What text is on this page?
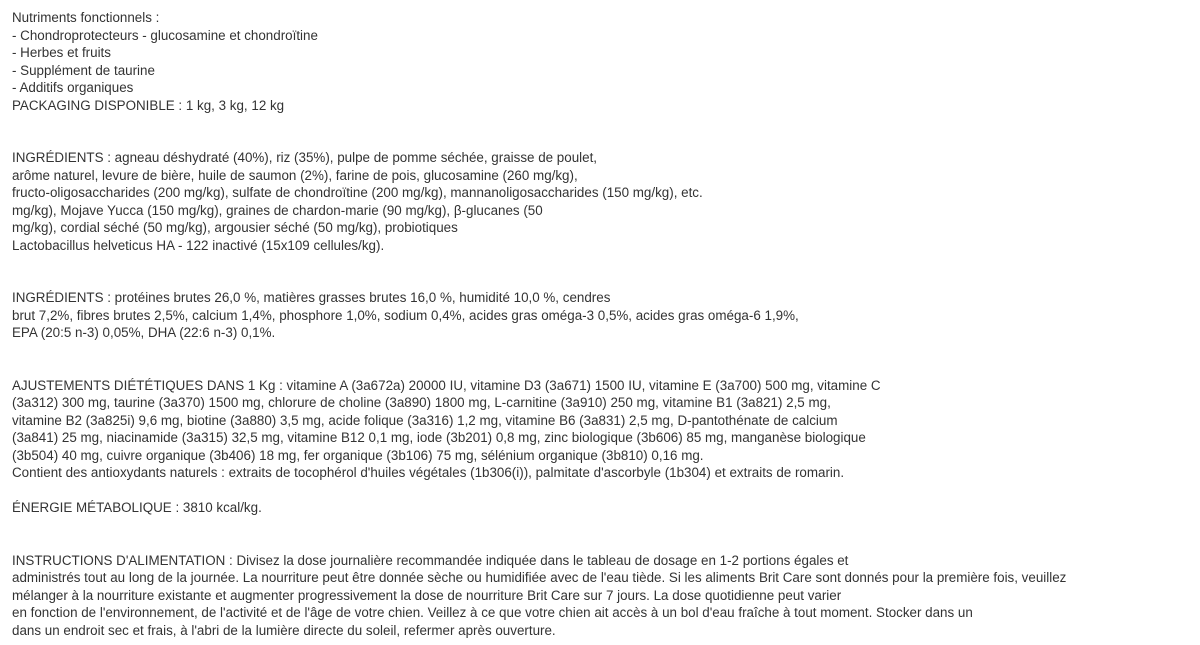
Nutriments fonctionnels :
- Chondroprotecteurs - glucosamine et chondroïtine
- Herbes et fruits
- Supplément de taurine
- Additifs organiques
PACKAGING DISPONIBLE : 1 kg, 3 kg, 12 kg
INGRÉDIENTS : agneau déshydraté (40%), riz (35%), pulpe de pomme séchée, graisse de poulet,
arôme naturel, levure de bière, huile de saumon (2%), farine de pois, glucosamine (260 mg/kg),
fructo-oligosaccharides (200 mg/kg), sulfate de chondroïtine (200 mg/kg), mannanoligosaccharides (150 mg/kg), etc.
mg/kg), Mojave Yucca (150 mg/kg), graines de chardon-marie (90 mg/kg), β-glucanes (50
mg/kg), cordial séché (50 mg/kg), argousier séché (50 mg/kg), probiotiques
Lactobacillus helveticus HA - 122 inactivé (15x109 cellules/kg).
INGRÉDIENTS : protéines brutes 26,0 %, matières grasses brutes 16,0 %, humidité 10,0 %, cendres
brut 7,2%, fibres brutes 2,5%, calcium 1,4%, phosphore 1,0%, sodium 0,4%, acides gras oméga-3 0,5%, acides gras oméga-6 1,9%,
EPA (20:5 n-3) 0,05%, DHA (22:6 n-3) 0,1%.
AJUSTEMENTS DIÉTÉTIQUES DANS 1 Kg : vitamine A (3a672a) 20000 IU, vitamine D3 (3a671) 1500 IU, vitamine E (3a700) 500 mg, vitamine C
(3a312) 300 mg, taurine (3a370) 1500 mg, chlorure de choline (3a890) 1800 mg, L-carnitine (3a910) 250 mg, vitamine B1 (3a821) 2,5 mg,
vitamine B2 (3a825i) 9,6 mg, biotine (3a880) 3,5 mg, acide folique (3a316) 1,2 mg, vitamine B6 (3a831) 2,5 mg, D-pantothénate de calcium
(3a841) 25 mg, niacinamide (3a315) 32,5 mg, vitamine B12 0,1 mg, iode (3b201) 0,8 mg, zinc biologique (3b606) 85 mg, manganèse biologique
(3b504) 40 mg, cuivre organique (3b406) 18 mg, fer organique (3b106) 75 mg, sélénium organique (3b810) 0,16 mg.
Contient des antioxydants naturels : extraits de tocophérol d'huiles végétales (1b306(i)), palmitate d'ascorbyle (1b304) et extraits de romarin.
ÉNERGIE MÉTABOLIQUE : 3810 kcal/kg.
INSTRUCTIONS D'ALIMENTATION : Divisez la dose journalière recommandée indiquée dans le tableau de dosage en 1-2 portions égales et
administrés tout au long de la journée. La nourriture peut être donnée sèche ou humidifiée avec de l'eau tiède. Si les aliments Brit Care sont donnés pour la première fois, veuillez
mélanger à la nourriture existante et augmenter progressivement la dose de nourriture Brit Care sur 7 jours. La dose quotidienne peut varier
en fonction de l'environnement, de l'activité et de l'âge de votre chien. Veillez à ce que votre chien ait accès à un bol d'eau fraîche à tout moment. Stocker dans un
dans un endroit sec et frais, à l'abri de la lumière directe du soleil, refermer après ouverture.
